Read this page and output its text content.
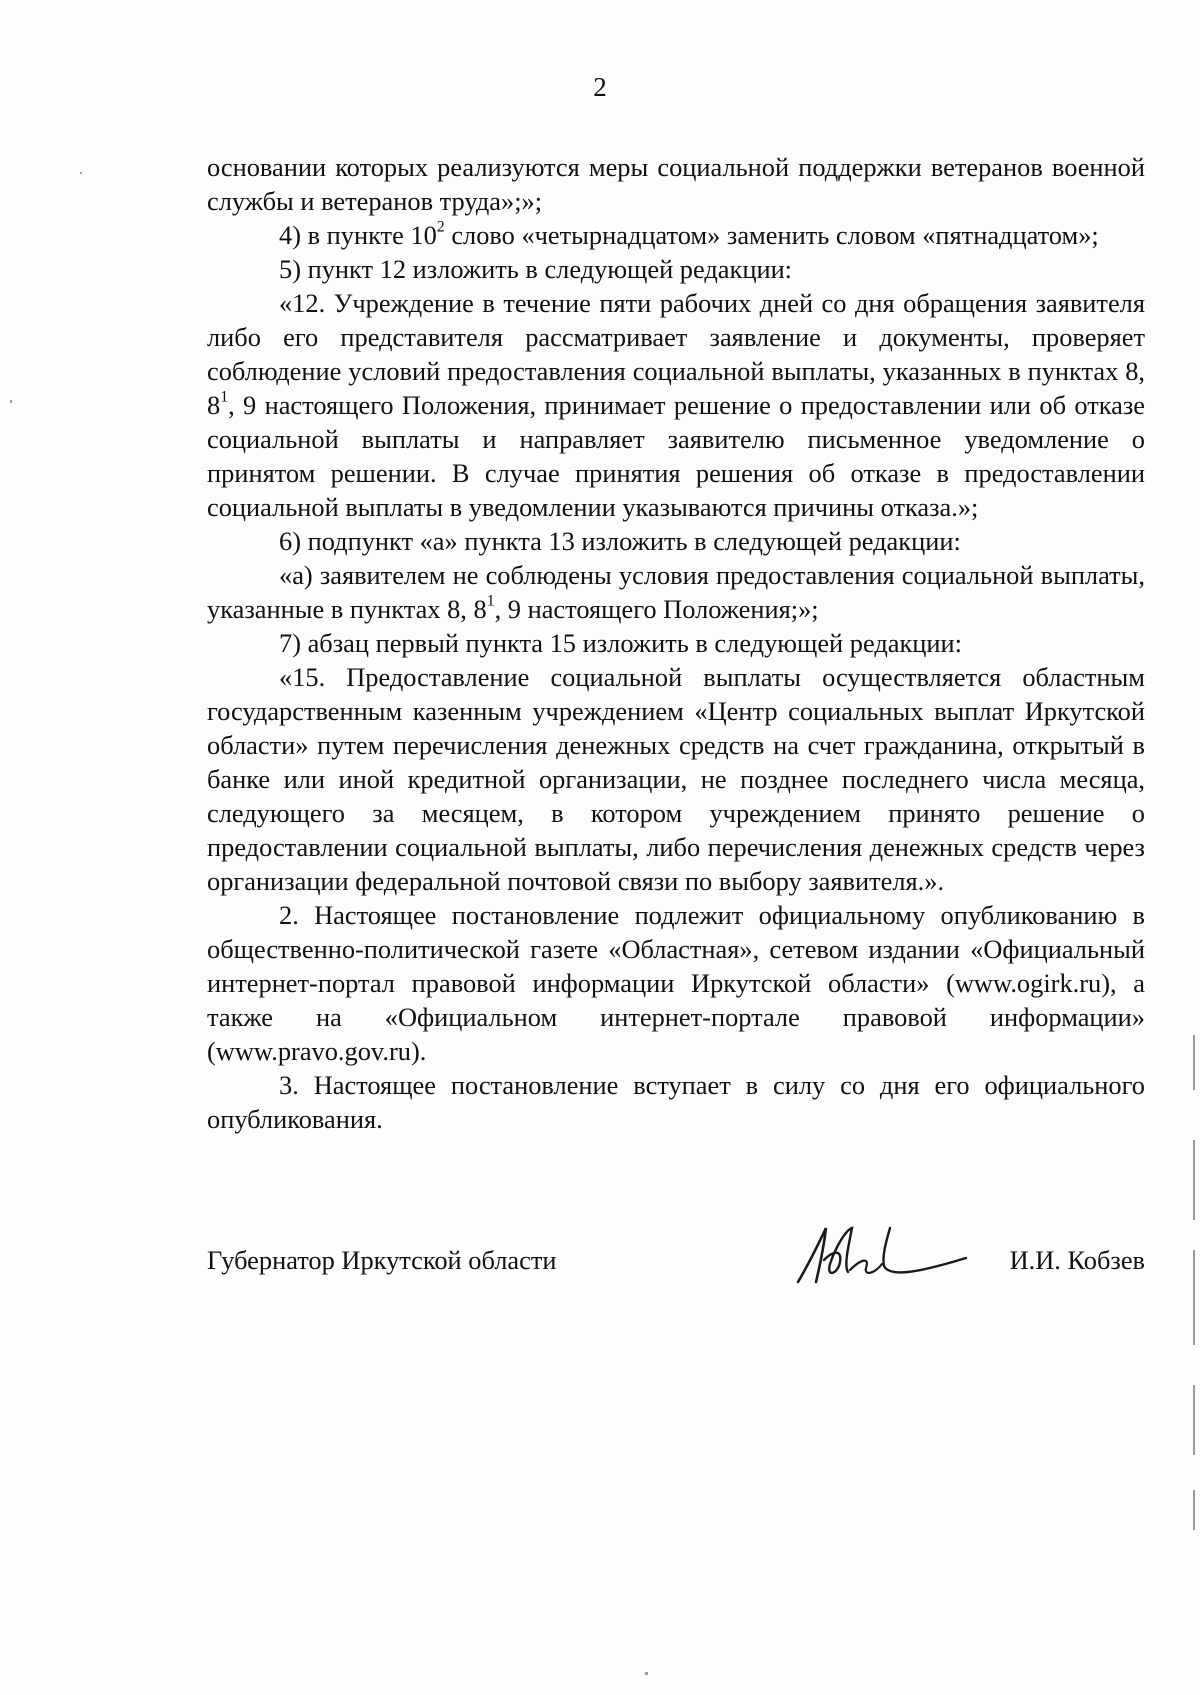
2

основании которых реализуются меры социальной поддержки ветеранов военной службы и ветеранов труда»;»;

4) в пункте $10^2$ слово «четырнадцатом» заменить словом «пятнадцатом»;

5) пункт 12 изложить в следующей редакции:

«12. Учреждение в течение пяти рабочих дней со дня обращения заявителя либо его представителя рассматривает заявление и документы, проверяет соблюдение условий предоставления социальной выплаты, указанных в пунктах 8, $8^1$, 9 настоящего Положения, принимает решение о предоставлении или об отказе социальной выплаты и направляет заявителю письменное уведомление о принятом решении. В случае принятия решения об отказе в предоставлении социальной выплаты в уведомлении указываются причины отказа.»;

6) подпункт «а» пункта 13 изложить в следующей редакции:

«а) заявителем не соблюдены условия предоставления социальной выплаты, указанные в пунктах 8, $8^1$, 9 настоящего Положения;»;

7) абзац первый пункта 15 изложить в следующей редакции:

«15. Предоставление социальной выплаты осуществляется областным государственным казенным учреждением «Центр социальных выплат Иркутской области» путем перечисления денежных средств на счет гражданина, открытый в банке или иной кредитной организации, не позднее последнего числа месяца, следующего за месяцем, в котором учреждением принято решение о предоставлении социальной выплаты, либо перечисления денежных средств через организации федеральной почтовой связи по выбору заявителя.».

2. Настоящее постановление подлежит официальному опубликованию в общественно-политической газете «Областная», сетевом издании «Официальный интернет-портал правовой информации Иркутской области» (www.ogirk.ru), а также на «Официальном интернет-портале правовой информации» (www.pravo.gov.ru).

3. Настоящее постановление вступает в силу со дня его официального опубликования.

Губернатор Иркутской области	И.И. Кобзев
